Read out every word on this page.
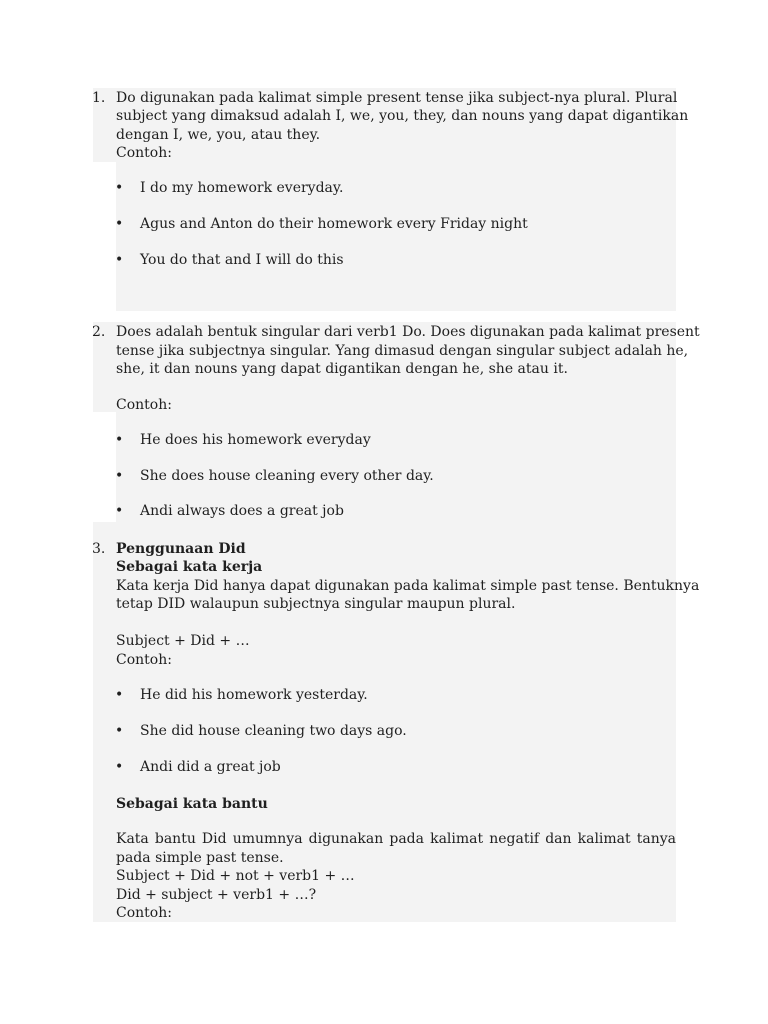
1. Do digunakan pada kalimat simple present tense jika subject-nya plural. Plural
subject yang dimaksud adalah I, we, you, they, dan nouns yang dapat digantikan
dengan I, we, you, atau they.
Contoh:
• I do my homework everyday.
• Agus and Anton do their homework every Friday night
• You do that and I will do this
2. Does adalah bentuk singular dari verb1 Do. Does digunakan pada kalimat present
tense jika subjectnya singular. Yang dimasud dengan singular subject adalah he,
she, it dan nouns yang dapat digantikan dengan he, she atau it.
Contoh:
• He does his homework everyday
• She does house cleaning every other day.
• Andi always does a great job
3. Penggunaan Did
Sebagai kata kerja
Kata kerja Did hanya dapat digunakan pada kalimat simple past tense. Bentuknya
tetap DID walaupun subjectnya singular maupun plural.
Subject + Did + …
Contoh:
• He did his homework yesterday.
• She did house cleaning two days ago.
• Andi did a great job
Sebagai kata bantu
Kata bantu Did umumnya digunakan pada kalimat negatif dan kalimat tanya
pada simple past tense.
Subject + Did + not + verb1 + …
Did + subject + verb1 + …?
Contoh:
